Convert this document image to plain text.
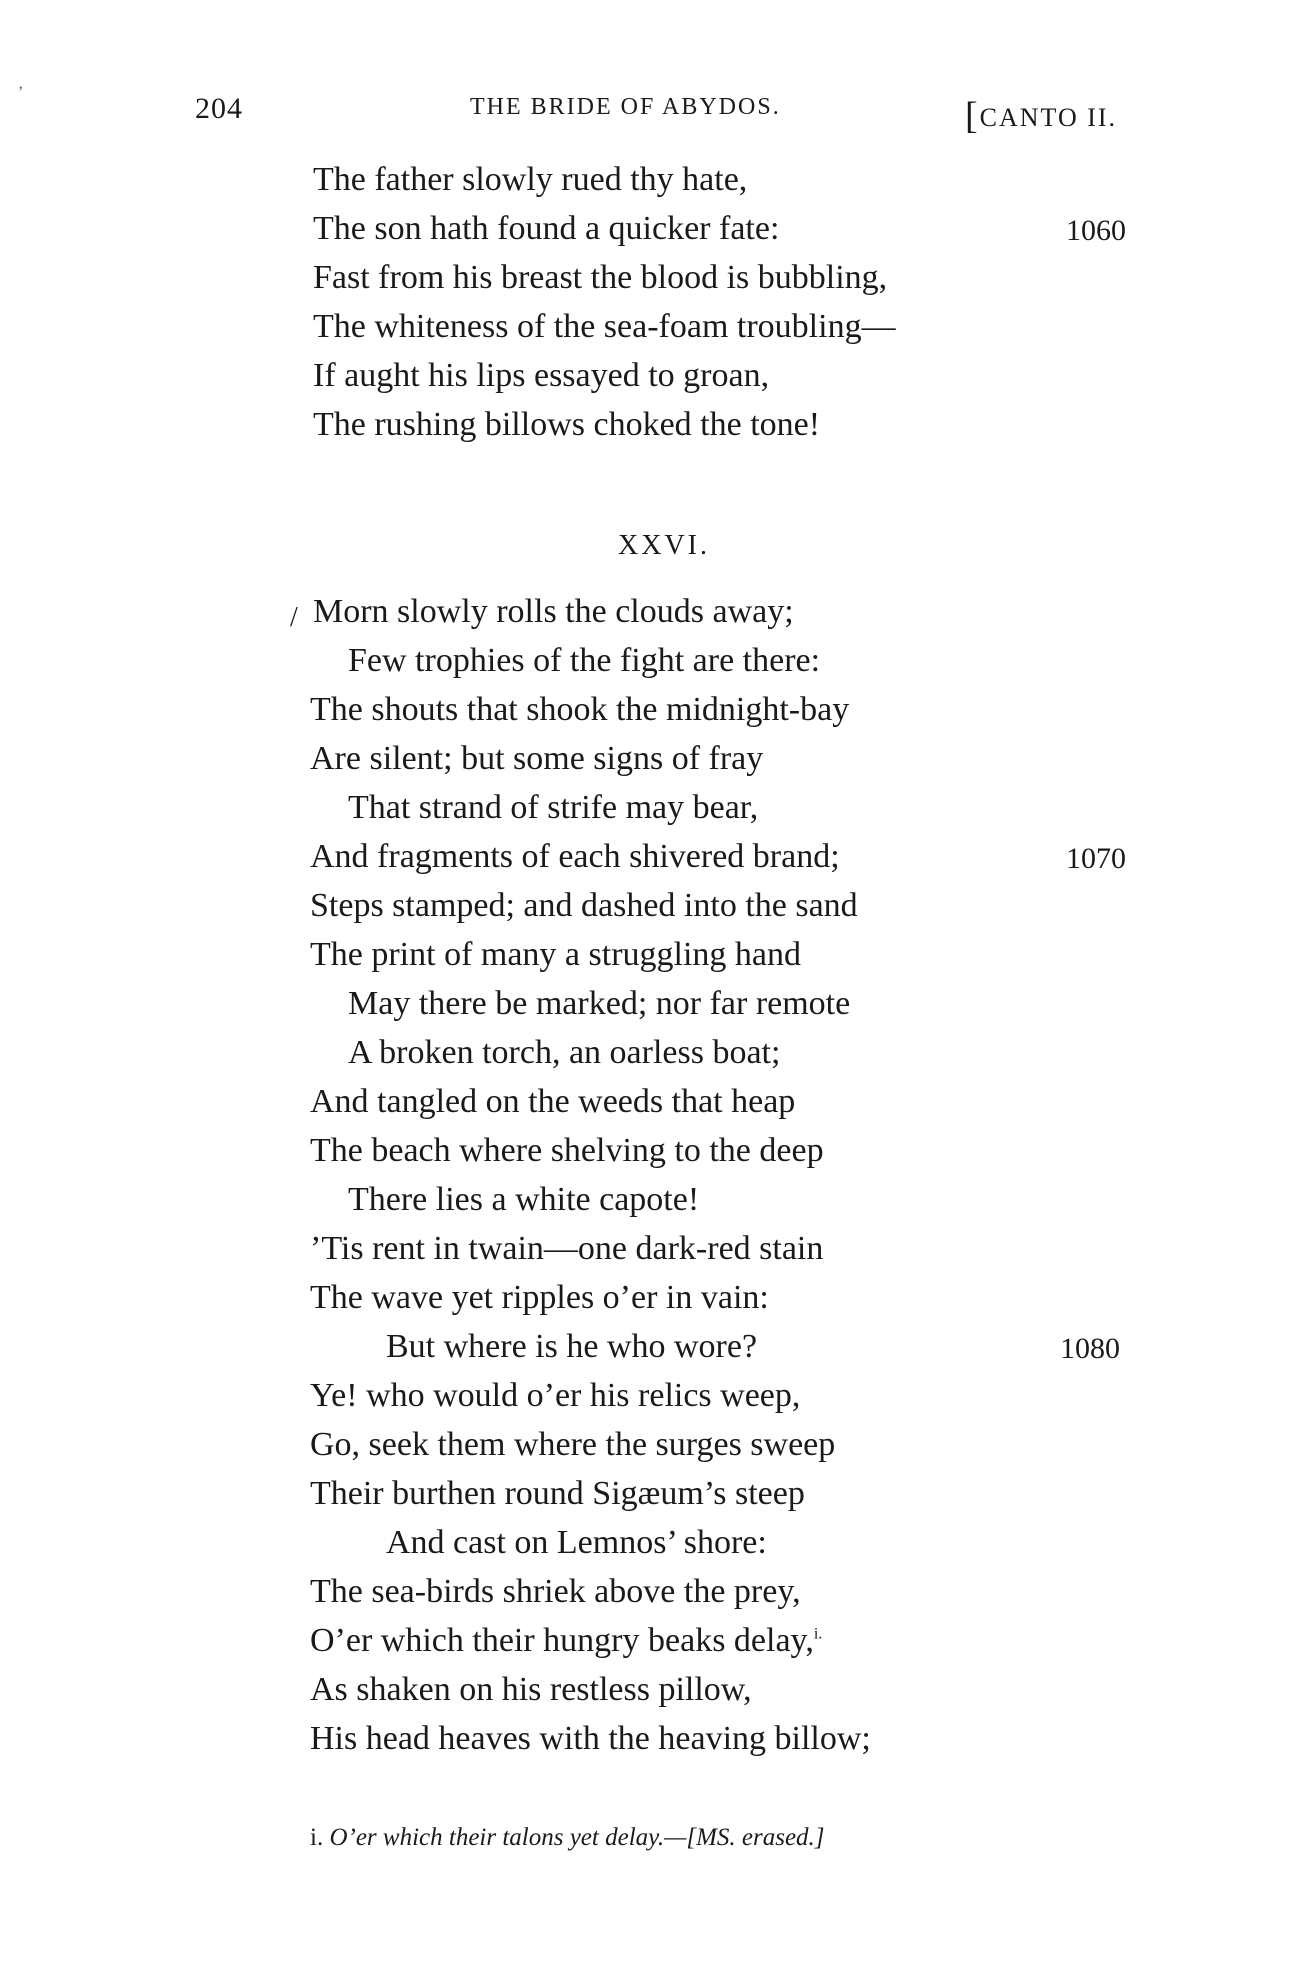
ʼ	204	THE BRIDE OF ABYDOS.	[CANTO II.
The father slowly rued thy hate,
The son hath found a quicker fate:	1060
Fast from his breast the blood is bubbling,
The whiteness of the sea-foam troubling—
If aught his lips essayed to groan,
The rushing billows choked the tone!
XXVI.
/ Morn slowly rolls the clouds away;
Few trophies of the fight are there:
The shouts that shook the midnight-bay
Are silent; but some signs of fray
That strand of strife may bear,
And fragments of each shivered brand;	1070
Steps stamped; and dashed into the sand
The print of many a struggling hand
May there be marked; nor far remote
A broken torch, an oarless boat;
And tangled on the weeds that heap
The beach where shelving to the deep
There lies a white capote!
’Tis rent in twain—one dark-red stain
The wave yet ripples o’er in vain:
But where is he who wore?	1080
Ye! who would o’er his relics weep,
Go, seek them where the surges sweep
Their burthen round Sigæum’s steep
And cast on Lemnos’ shore:
The sea-birds shriek above the prey,
O’er which their hungry beaks delay,$^{i.}$
As shaken on his restless pillow,
His head heaves with the heaving billow;
i. O’er which their talons yet delay.—[MS. erased.]
